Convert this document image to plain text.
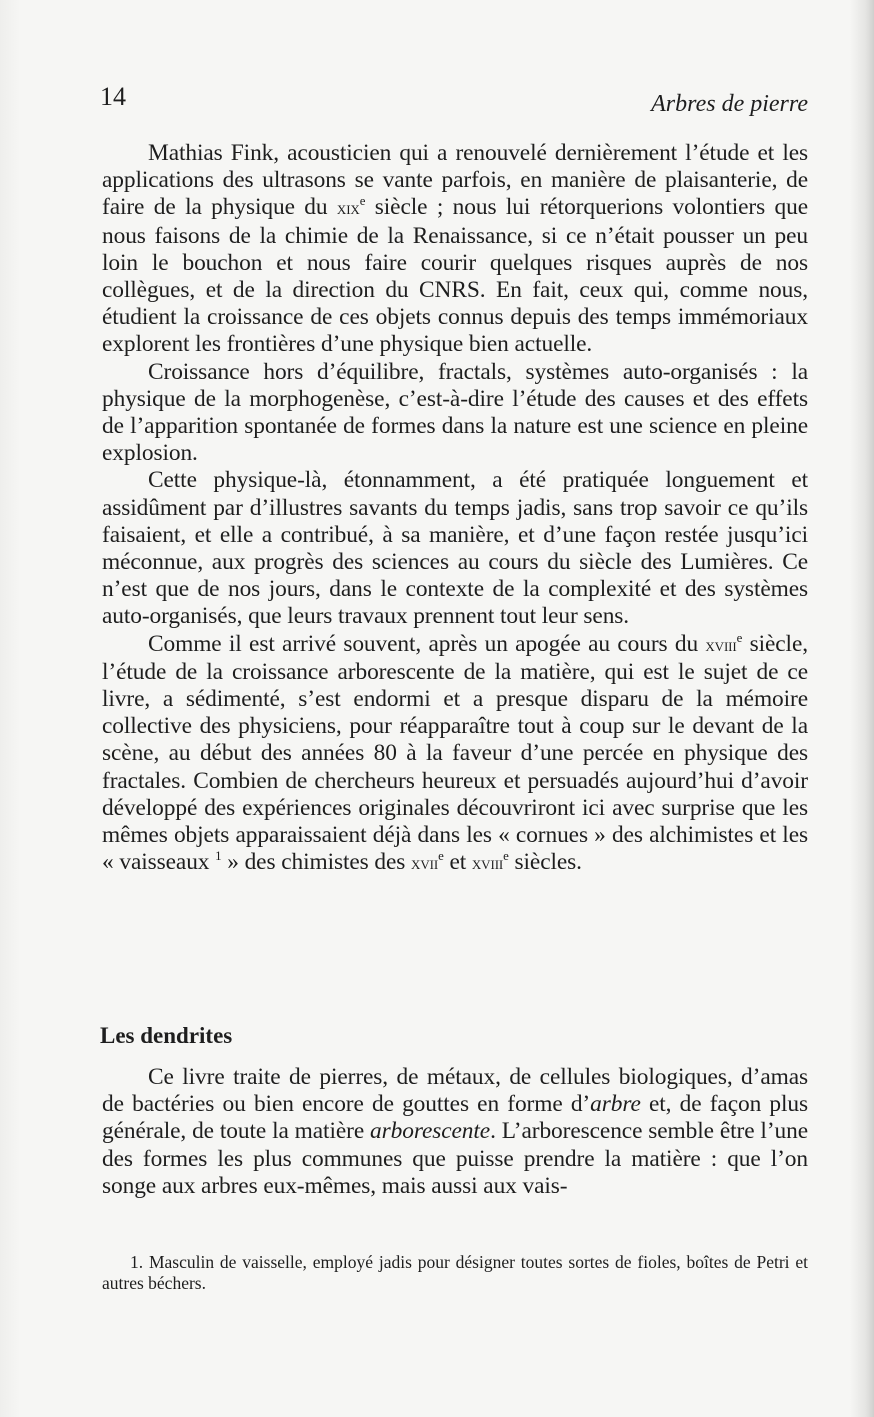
14	Arbres de pierre

Mathias Fink, acousticien qui a renouvelé dernièrement l’étude et les applications des ultrasons se vante parfois, en manière de plaisanterie, de faire de la physique du xix$^e$ siècle ; nous lui rétorquerions volontiers que nous faisons de la chimie de la Renaissance, si ce n’était pousser un peu loin le bouchon et nous faire courir quelques risques auprès de nos collègues, et de la direction du CNRS. En fait, ceux qui, comme nous, étudient la croissance de ces objets connus depuis des temps immémoriaux explorent les frontières d’une physique bien actuelle.

Croissance hors d’équilibre, fractals, systèmes auto-organisés : la physique de la morphogenèse, c’est-à-dire l’étude des causes et des effets de l’apparition spontanée de formes dans la nature est une science en pleine explosion.

Cette physique-là, étonnamment, a été pratiquée longuement et assidûment par d’illustres savants du temps jadis, sans trop savoir ce qu’ils faisaient, et elle a contribué, à sa manière, et d’une façon restée jusqu’ici méconnue, aux progrès des sciences au cours du siècle des Lumières. Ce n’est que de nos jours, dans le contexte de la complexité et des systèmes auto-organisés, que leurs travaux prennent tout leur sens.

Comme il est arrivé souvent, après un apogée au cours du xviii$^e$ siècle, l’étude de la croissance arborescente de la matière, qui est le sujet de ce livre, a sédimenté, s’est endormi et a presque disparu de la mémoire collective des physiciens, pour réapparaître tout à coup sur le devant de la scène, au début des années 80 à la faveur d’une percée en physique des fractales. Combien de chercheurs heureux et persuadés aujourd’hui d’avoir développé des expériences originales découvriront ici avec surprise que les mêmes objets apparaissaient déjà dans les « cornues » des alchimistes et les « vaisseaux $^1$ » des chimistes des xvii$^e$ et xviii$^e$ siècles.

Les dendrites

Ce livre traite de pierres, de métaux, de cellules biologiques, d’amas de bactéries ou bien encore de gouttes en forme d’arbre et, de façon plus générale, de toute la matière arborescente. L’arborescence semble être l’une des formes les plus communes que puisse prendre la matière : que l’on songe aux arbres eux-mêmes, mais aussi aux vais-

1. Masculin de vaisselle, employé jadis pour désigner toutes sortes de fioles, boîtes de Petri et autres béchers.
